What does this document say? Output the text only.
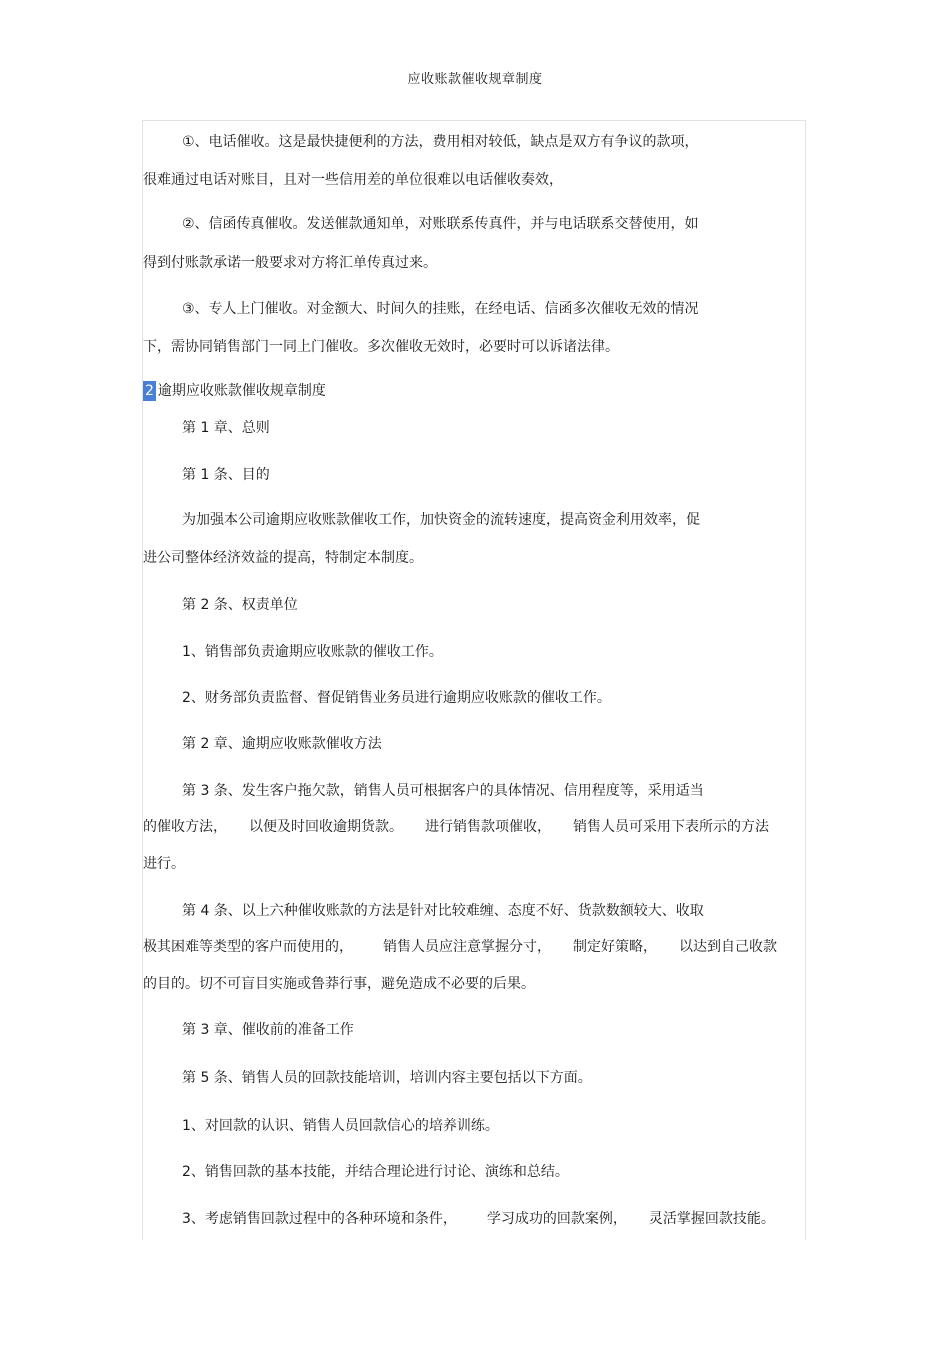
应收账款催收规章制度
①、电话催收。这是最快捷便利的方法，费用相对较低，缺点是双方有争议的款项，
很难通过电话对账目，且对一些信用差的单位很难以电话催收奏效，
②、信函传真催收。发送催款通知单，对账联系传真件，并与电话联系交替使用，如
得到付账款承诺一般要求对方将汇单传真过来。
③、专人上门催收。对金额大、时间久的挂账，在经电话、信函多次催收无效的情况
下，需协同销售部门一同上门催收。多次催收无效时，必要时可以诉诸法律。
2 逾期应收账款催收规章制度
第 1 章、总则
第 1 条、目的
为加强本公司逾期应收账款催收工作，加快资金的流转速度，提高资金利用效率，促
进公司整体经济效益的提高，特制定本制度。
第 2 条、权责单位
1、销售部负责逾期应收账款的催收工作。
2、财务部负责监督、督促销售业务员进行逾期应收账款的催收工作。
第 2 章、逾期应收账款催收方法
第 3 条、发生客户拖欠款，销售人员可根据客户的具体情况、信用程度等，采用适当
的催收方法， 以便及时回收逾期货款。 进行销售款项催收， 销售人员可采用下表所示的方法
进行。
第 4 条、以上六种催收账款的方法是针对比较难缠、态度不好、货款数额较大、收取
极其困难等类型的客户而使用的， 销售人员应注意掌握分寸， 制定好策略， 以达到自己收款
的目的。切不可盲目实施或鲁莽行事，避免造成不必要的后果。
第 3 章、催收前的准备工作
第 5 条、销售人员的回款技能培训，培训内容主要包括以下方面。
1、对回款的认识、销售人员回款信心的培养训练。
2、销售回款的基本技能，并结合理论进行讨论、演练和总结。
3、考虑销售回款过程中的各种环境和条件， 学习成功的回款案例， 灵活掌握回款技能。
